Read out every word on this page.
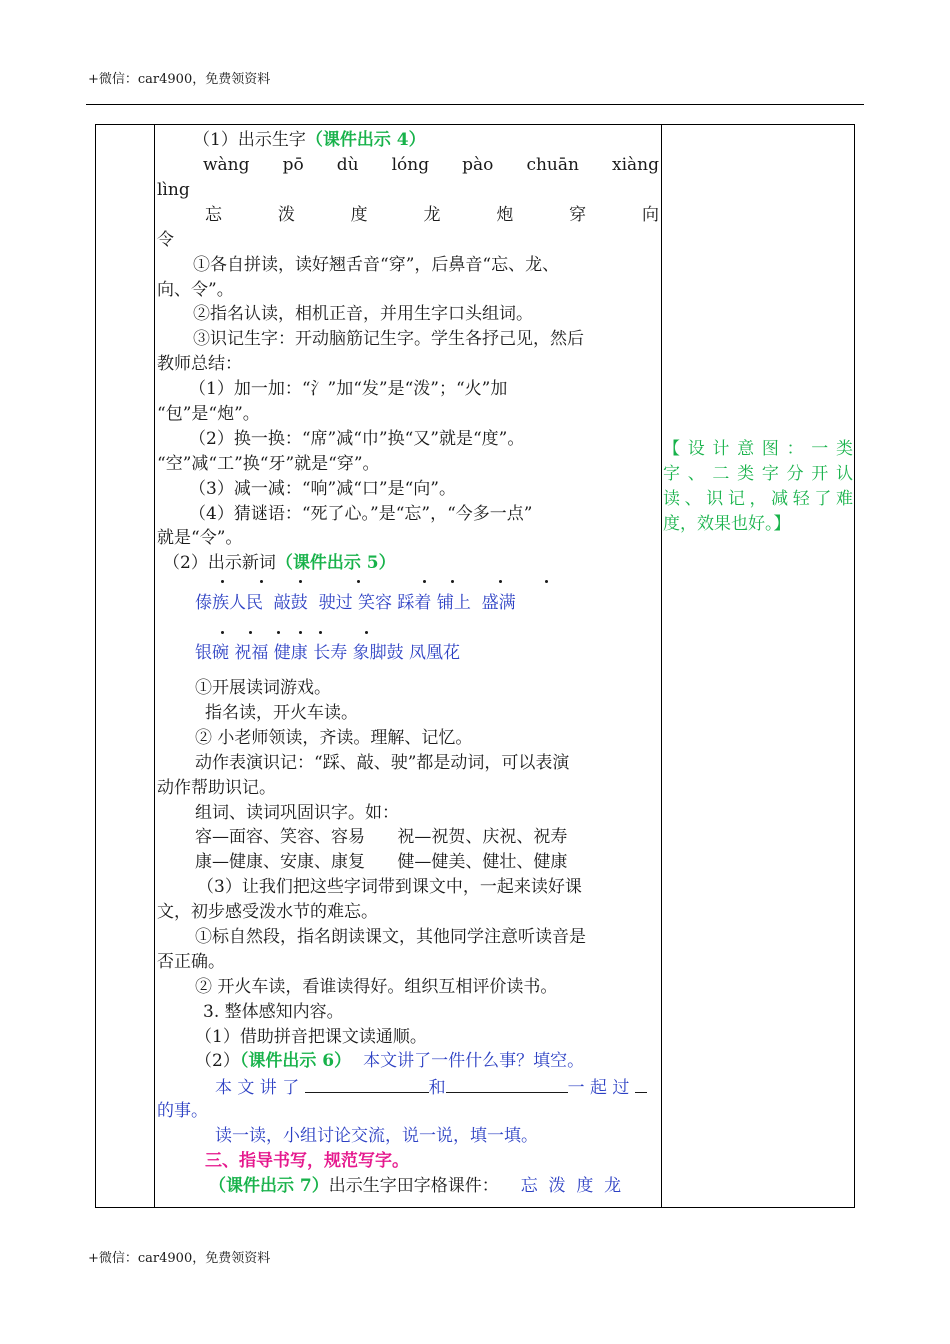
+微信：car4900，免费领资料
（1）出示生字（课件出示 4）
wàng pō dù lóng pào chuān xiàng
lìng
忘 泼 度 龙 炮 穿 向
令
①各自拼读，读好翘舌音“穿”，后鼻音“忘、龙、
向、令”。
②指名认读，相机正音，并用生字口头组词。
③识记生字：开动脑筋记生字。学生各抒己见，然后
教师总结：
（1）加一加：“氵”加“发”是“泼”；“火”加
“包”是“炮”。
（2）换一换：“席”减“巾”换“又”就是“度”。
“空”减“工”换“牙”就是“穿”。
（3）减一减：“响”减“口”是“向”。
（4）猜谜语：“死了心。”是“忘”，“今多一点”
就是“令”。
（2）出示新词（课件出示 5）
傣族人民  敲鼓  驶过 笑容 踩着 铺上  盛满
银碗 祝福 健康 长寿 象脚鼓 凤凰花
①开展读词游戏。
指名读，开火车读。
② 小老师领读，齐读。理解、记忆。
动作表演识记：“踩、敲、驶”都是动词，可以表演
动作帮助识记。
组词、读词巩固识字。如：
容—面容、笑容、容易      祝—祝贺、庆祝、祝寿
康—健康、安康、康复      健—健美、健壮、健康
（3）让我们把这些字词带到课文中，一起来读好课
文，初步感受泼水节的难忘。
①标自然段，指名朗读课文，其他同学注意听读音是
否正确。
② 开火车读，看谁读得好。组织互相评价读书。
3. 整体感知内容。
（1）借助拼音把课文读通顺。
（2）（课件出示 6） 本文讲了一件什么事？填空。
本 文 讲 了	和	一 起 过
的事。
读一读，小组讨论交流，说一说，填一填。
三、指导书写，规范写字。
（课件出示 7）出示生字田字格课件： 忘  泼  度  龙
【设计意图：一类
字、二类字分开认
读、识记，减轻了难
度，效果也好。】
+微信：car4900，免费领资料
